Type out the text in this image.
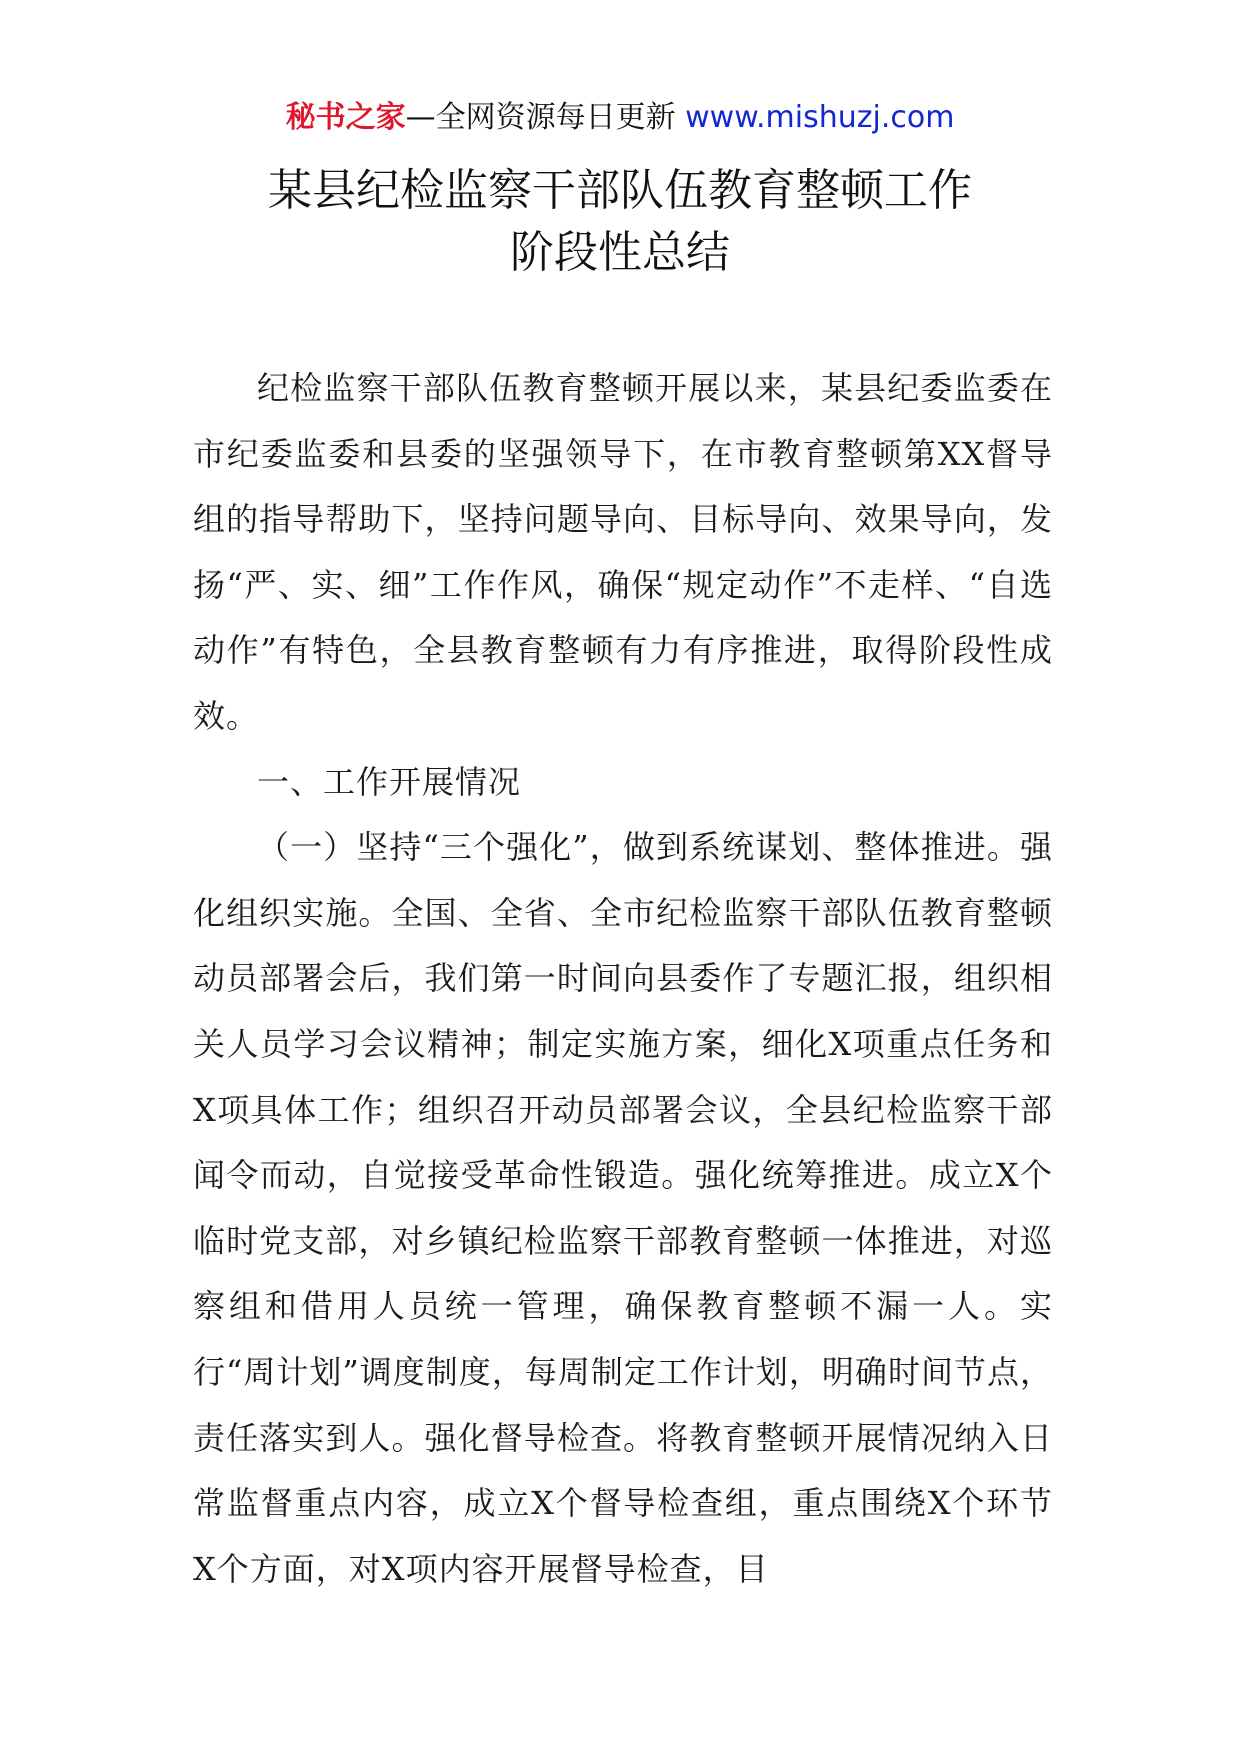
秘书之家—全网资源每日更新 www.mishuzj.com
某县纪检监察干部队伍教育整顿工作
阶段性总结

纪检监察干部队伍教育整顿开展以来，某县纪委监委在市纪委监委和县委的坚强领导下，在市教育整顿第XX督导组的指导帮助下，坚持问题导向、目标导向、效果导向，发扬“严、实、细”工作作风，确保“规定动作”不走样、“自选动作”有特色，全县教育整顿有力有序推进，取得阶段性成效。

一、工作开展情况

（一）坚持“三个强化”，做到系统谋划、整体推进。强化组织实施。全国、全省、全市纪检监察干部队伍教育整顿动员部署会后，我们第一时间向县委作了专题汇报，组织相关人员学习会议精神；制定实施方案，细化X项重点任务和X项具体工作；组织召开动员部署会议，全县纪检监察干部闻令而动，自觉接受革命性锻造。强化统筹推进。成立X个临时党支部，对乡镇纪检监察干部教育整顿一体推进，对巡察组和借用人员统一管理，确保教育整顿不漏一人。实行“周计划”调度制度，每周制定工作计划，明确时间节点，责任落实到人。强化督导检查。将教育整顿开展情况纳入日常监督重点内容，成立X个督导检查组，重点围绕X个环节X个方面，对X项内容开展督导检查，目
